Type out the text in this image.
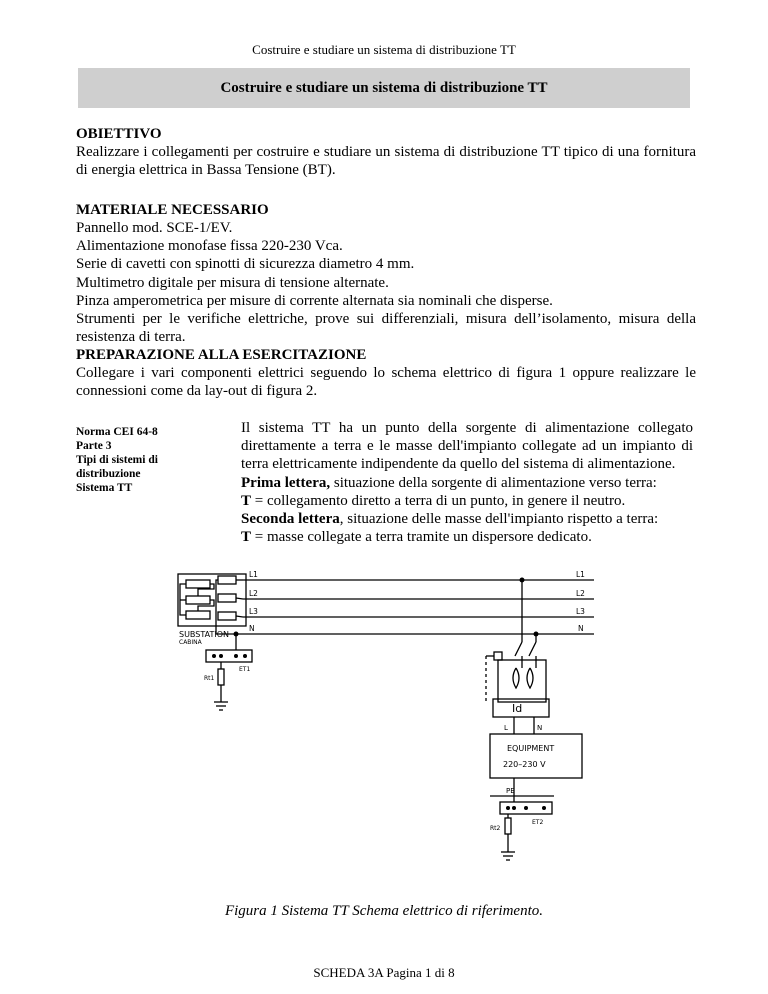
Costruire e studiare un sistema di distribuzione TT
Costruire e studiare un sistema di distribuzione TT
OBIETTIVO

Realizzare i collegamenti per costruire e studiare un sistema di distribuzione TT tipico di una fornitura di energia elettrica in Bassa Tensione (BT).

MATERIALE NECESSARIO
Pannello mod. SCE-1/EV.
Alimentazione monofase fissa 220-230 Vca.
Serie di cavetti con spinotti di sicurezza diametro 4 mm.
Multimetro digitale per misura di tensione alternate.
Pinza amperometrica per misure di corrente alternata sia nominali che disperse.

Strumenti per le verifiche elettriche, prove sui differenziali, misura dell’isolamento, misura della resistenza di terra.

PREPARAZIONE ALLA ESERCITAZIONE

Collegare i vari componenti elettrici seguendo lo schema elettrico di figura 1 oppure realizzare le connessioni come da lay-out di figura 2.

Norma CEI 64-8
Parte 3
Tipi di sistemi di
distribuzione
Sistema TT
Il sistema TT ha un punto della sorgente di alimentazione collegato direttamente a terra e le masse dell'impianto collegate ad un impianto di terra elettricamente indipendente da quello del sistema di alimentazione.
Prima lettera, situazione della sorgente di alimentazione verso terra:
T = collegamento diretto a terra di un punto, in genere il neutro.
Seconda lettera, situazione delle masse dell'impianto rispetto a terra:
T = masse collegate a terra tramite un dispersore dedicato.
L1
L2
L3
N
L1
L2
L3
N
SUBSTATION
CABINA
ET1
Rt1
Id
L	N
EQUIPMENT
220–230 V
PE
ET2
Rt2
Figura 1 Sistema TT Schema elettrico di riferimento.
SCHEDA 3A Pagina 1 di 8
